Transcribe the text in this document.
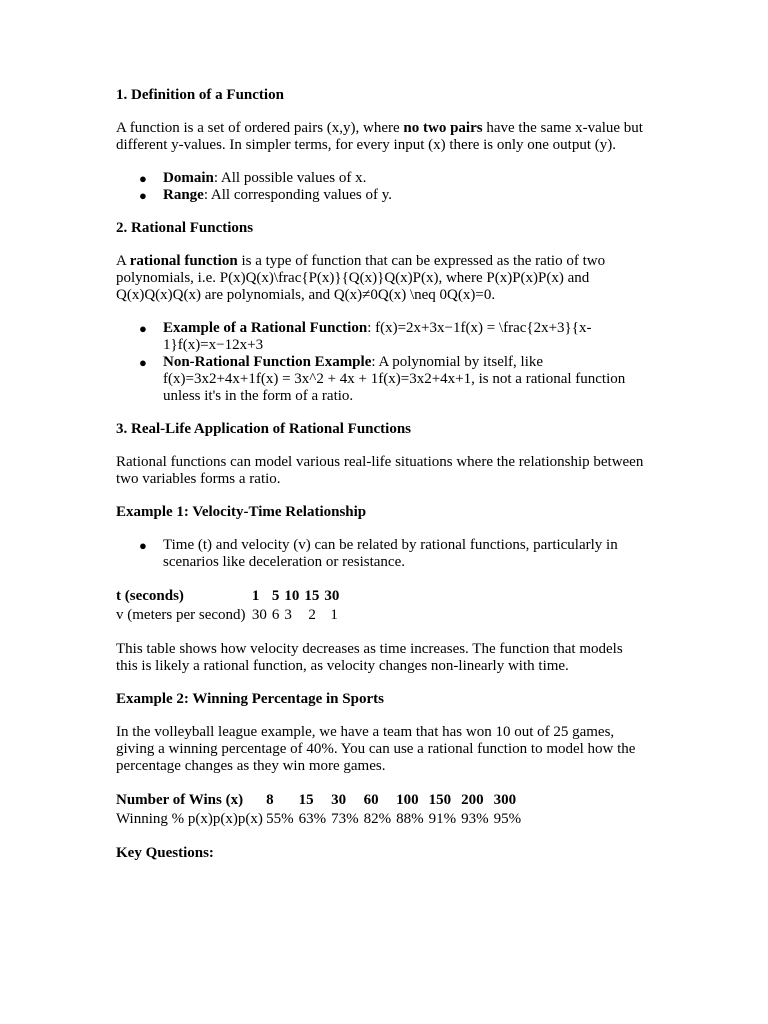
1. Definition of a Function

A function is a set of ordered pairs (x,y), where no two pairs have the same x-value but different y-values. In simpler terms, for every input (x) there is only one output (y).

● Domain: All possible values of x.
● Range: All corresponding values of y.
2. Rational Functions

A rational function is a type of function that can be expressed as the ratio of two polynomials, i.e. P(x)Q(x)\frac{P(x)}{Q(x)}Q(x)P(x), where P(x)P(x)P(x) and Q(x)Q(x)Q(x) are polynomials, and Q(x)≠0Q(x) \neq 0Q(x)=0.

● Example of a Rational Function: f(x)=2x+3x−1f(x) = \frac{2x+3}{x-1}f(x)=x−12x+3
● Non-Rational Function Example: A polynomial by itself, like f(x)=3x2+4x+1f(x) = 3x^2 + 4x + 1f(x)=3x2+4x+1, is not a rational function unless it's in the form of a ratio.
3. Real-Life Application of Rational Functions

Rational functions can model various real-life situations where the relationship between two variables forms a ratio.

Example 1: Velocity-Time Relationship
● Time (t) and velocity (v) can be related by rational functions, particularly in scenarios like deceleration or resistance.
t (seconds)	1	5	10	15	30
v (meters per second)	30	6	3	2	1

This table shows how velocity decreases as time increases. The function that models this is likely a rational function, as velocity changes non-linearly with time.

Example 2: Winning Percentage in Sports

In the volleyball league example, we have a team that has won 10 out of 25 games, giving a winning percentage of 40%. You can use a rational function to model how the percentage changes as they win more games.

Number of Wins (x)	8	15	30	60	100	150	200	300
Winning % p(x)p(x)p(x)	55%	63%	73%	82%	88%	91%	93%	95%
Key Questions:
